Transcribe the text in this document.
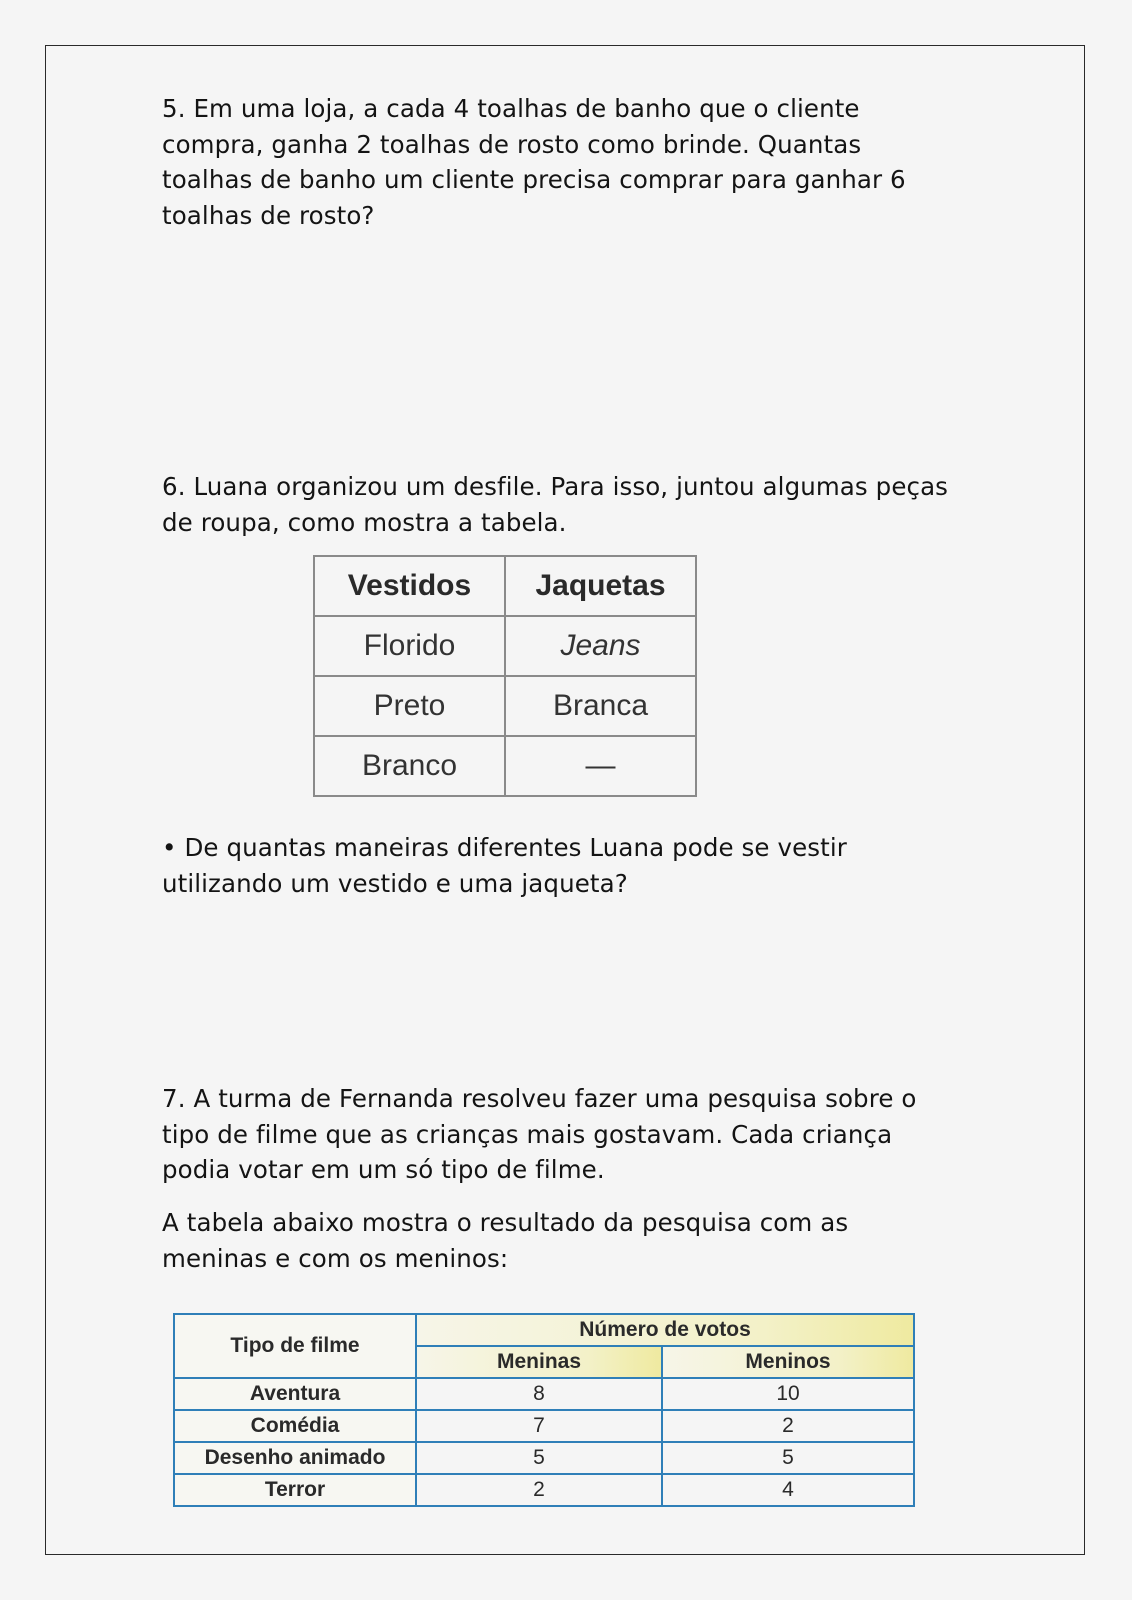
5. Em uma loja, a cada 4 toalhas de banho que o cliente compra, ganha 2 toalhas de rosto como brinde. Quantas toalhas de banho um cliente precisa comprar para ganhar 6 toalhas de rosto?

6. Luana organizou um desfile. Para isso, juntou algumas peças de roupa, como mostra a tabela.

Vestidos	Jaquetas
Florido	Jeans
Preto	Branca
Branco	—

• De quantas maneiras diferentes Luana pode se vestir utilizando um vestido e uma jaqueta?

7. A turma de Fernanda resolveu fazer uma pesquisa sobre o tipo de filme que as crianças mais gostavam. Cada criança podia votar em um só tipo de filme.

A tabela abaixo mostra o resultado da pesquisa com as meninas e com os meninos:

Tipo de filme	Número de votos	
	Meninas	Meninos
Aventura	8	10
Comédia	7	2
Desenho animado	5	5
Terror	2	4
